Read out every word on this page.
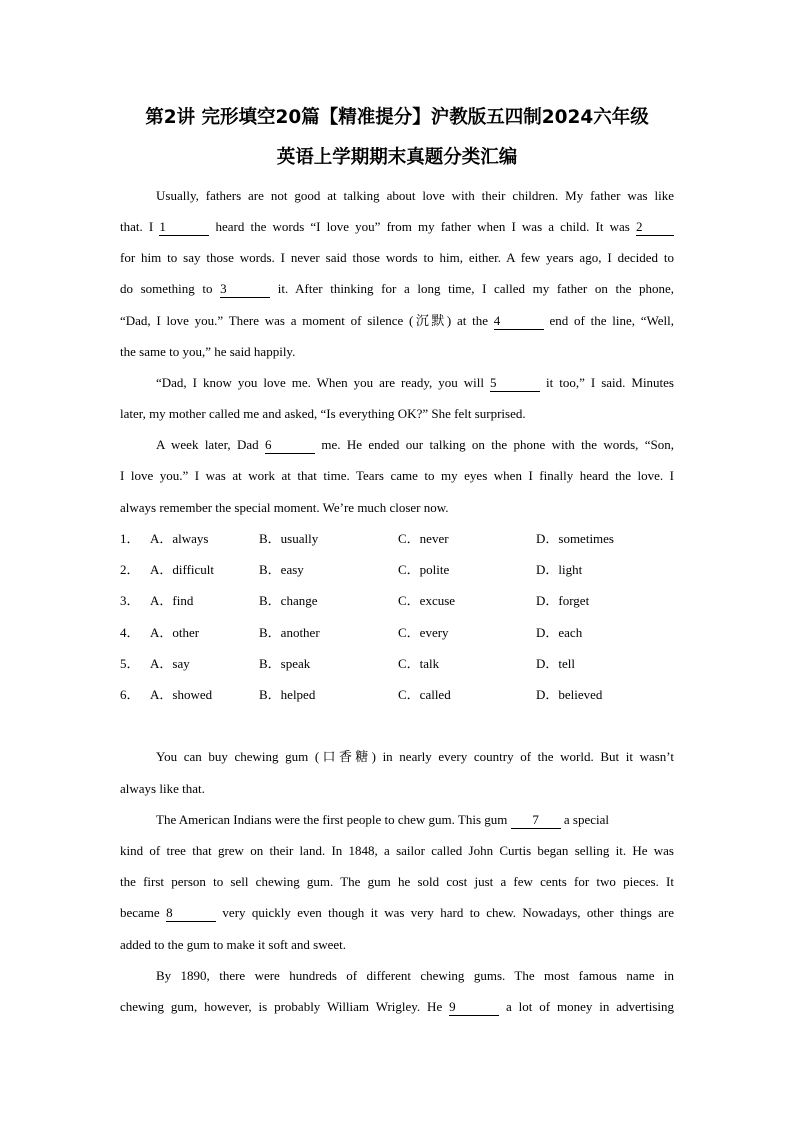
第2讲 完形填空20篇【精准提分】沪教版五四制2024六年级
英语上学期期末真题分类汇编
Usually, fathers are not good at talking about love with their children. My father was like
that. I 1	heard the words “I love you” from my father when I was a child. It was 2
for him to say those words. I never said those words to him, either. A few years ago, I decided to
do something to 3	it. After thinking for a long time, I called my father on the phone,
“Dad, I love you.” There was a moment of silence (沉默) at the 4	end of the line, “Well,
the same to you,” he said happily.
“Dad, I know you love me. When you are ready, you will 5	it too,” I said. Minutes
later, my mother called me and asked, “Is everything OK?” She felt surprised.
A week later, Dad 6	me. He ended our talking on the phone with the words, “Son,
I love you.” I was at work at that time. Tears came to my eyes when I finally heard the love. I
always remember the special moment. We’re much closer now.
1． A．always	B．usually	C．never	D．sometimes
2． A．difficult	B．easy	C．polite	D．light
3． A．find	B．change	C．excuse	D．forget
4． A．other	B．another	C．every	D．each
5． A．say	B．speak	C．talk	D．tell
6． A．showed	B．helped	C．called	D．believed
You can buy chewing gum (口香糖) in nearly every country of the world. But it wasn’t
always like that.
The American Indians were the first people to chew gum. This gum 7 a special
kind of tree that grew on their land. In 1848, a sailor called John Curtis began selling it. He was
the first person to sell chewing gum. The gum he sold cost just a few cents for two pieces. It
became 8	very quickly even though it was very hard to chew. Nowadays, other things are
added to the gum to make it soft and sweet.
By 1890, there were hundreds of different chewing gums. The most famous name in
chewing gum, however, is probably William Wrigley. He 9	a lot of money in advertising
